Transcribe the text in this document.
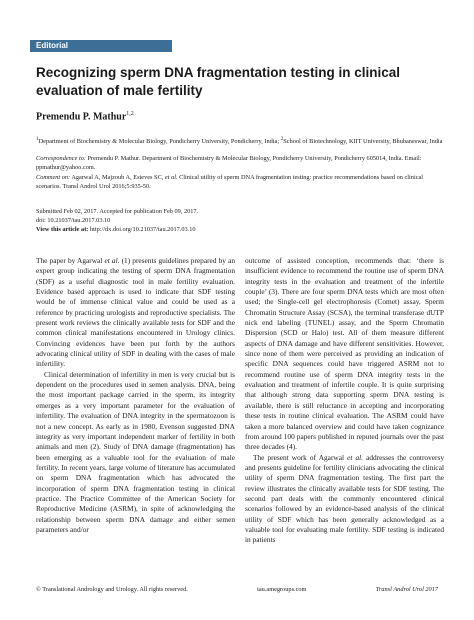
Editorial
Recognizing sperm DNA fragmentation testing in clinical evaluation of male fertility
Premendu P. Mathur$^{1,2}$

$^1$Department of Biochemistry & Molecular Biology, Pondicherry University, Pondicherry, India; $^2$School of Biotechnology, KIIT University, Bhubaneswar, India

Correspondence to: Premendu P. Mathur. Department of Biochemistry & Molecular Biology, Pondicherry University, Pondicherry 605014, India. Email: ppmathur@yahoo.com.

Comment on: Agarwal A, Majzoub A, Esteves SC, et al. Clinical utility of sperm DNA fragmentation testing: practice recommendations based on clinical scenarios. Transl Androl Urol 2016;5:935-50.

Submitted Feb 02, 2017. Accepted for publication Feb 09, 2017.

doi: 10.21037/tau.2017.03.10

View this article at: http://dx.doi.org/10.21037/tau.2017.03.10

The paper by Agarwal et al. (1) presents guidelines prepared by an expert group indicating the testing of sperm DNA fragmentation (SDF) as a useful diagnostic tool in male fertility evaluation. Evidence based approach is used to indicate that SDF testing would be of immense clinical value and could be used as a reference by practicing urologists and reproductive specialists. The present work reviews the clinically available tests for SDF and the common clinical manifestations encountered in Urology clinics. Convincing evidences have been put forth by the authors advocating clinical utility of SDF in dealing with the cases of male infertility.

Clinical determination of infertility in men is very crucial but is dependent on the procedures used in semen analysis. DNA, being the most important package carried in the sperm, its integrity emerges as a very important parameter for the evaluation of infertility. The evaluation of DNA integrity in the spermatozoon is not a new concept. As early as in 1980, Evenson suggested DNA integrity as very important independent marker of fertility in both animals and men (2). Study of DNA damage (fragmentation) has been emerging as a valuable tool for the evaluation of male fertility. In recent years, large volume of literature has accumulated on sperm DNA fragmentation which has advocated the incorporation of sperm DNA fragmentation testing in clinical practice. The Practice Committee of the American Society for Reproductive Medicine (ASRM), in spite of acknowledging the relationship between sperm DNA damage and either semen parameters and/or

outcome of assisted conception, recommends that: ‘there is insufficient evidence to recommend the routine use of sperm DNA integrity tests in the evaluation and treatment of the infertile couple’ (3). There are four sperm DNA tests which are most often used; the Single-cell gel electrophoresis (Comet) assay, Sperm Chromatin Structure Assay (SCSA), the terminal transferase dUTP nick end labeling (TUNEL) assay, and the Sperm Chromatin Dispersion (SCD or Halo) test. All of them measure different aspects of DNA damage and have different sensitivities. However, since none of them were perceived as providing an indication of specific DNA sequences could have triggered ASRM not to recommend routine use of sperm DNA integrity tests in the evaluation and treatment of infertile couple. It is quite surprising that although strong data supporting sperm DNA testing is available, there is still reluctance in accepting and incorporating these tests in routine clinical evaluation. The ASRM could have taken a more balanced overview and could have taken cognizance from around 100 papers published in reputed journals over the past three decades (4).

The present work of Agarwal et al. addresses the controversy and presents guideline for fertility clinicians advocating the clinical utility of sperm DNA fragmentation testing. The first part the review illustrates the clinically available tests for SDF testing. The second part deals with the commonly encountered clinical scenarios followed by an evidence-based analysis of the clinical utility of SDF which has been generally acknowledged as a valuable tool for evaluating male fertility. SDF testing is indicated in patients

© Translational Andrology and Urology. All rights reserved.	tau.amegroups.com	Transl Androl Urol 2017
